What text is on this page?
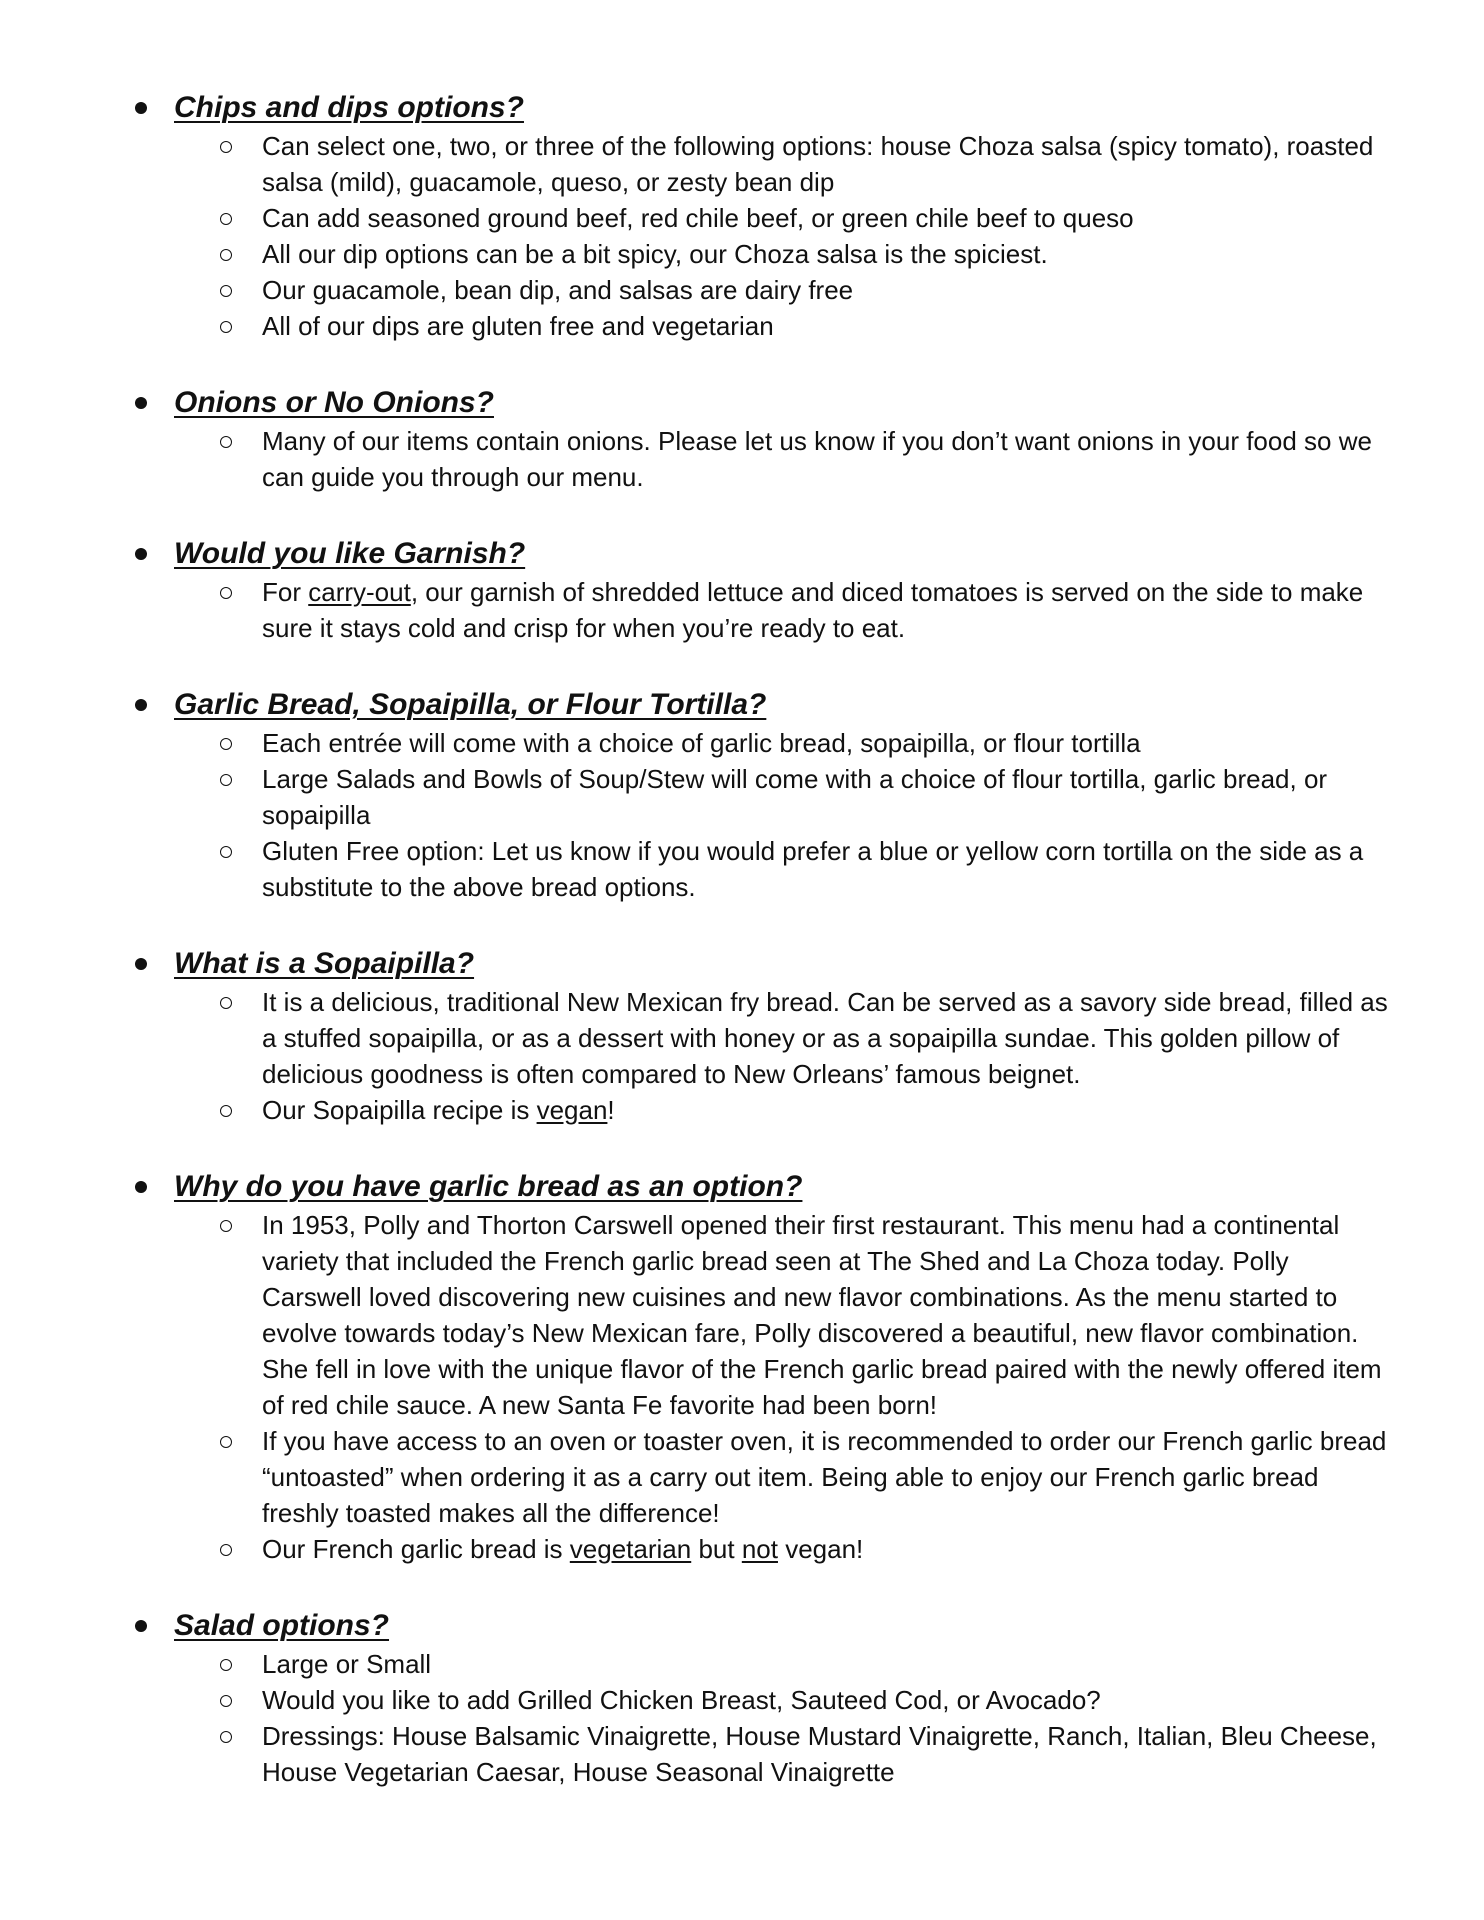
Chips and dips options?
Can select one, two, or three of the following options: house Choza salsa (spicy tomato), roasted salsa (mild), guacamole, queso, or zesty bean dip
Can add seasoned ground beef, red chile beef, or green chile beef to queso
All our dip options can be a bit spicy, our Choza salsa is the spiciest.
Our guacamole, bean dip, and salsas are dairy free
All of our dips are gluten free and vegetarian
Onions or No Onions?
Many of our items contain onions. Please let us know if you don’t want onions in your food so we can guide you through our menu.
Would you like Garnish?
For carry-out, our garnish of shredded lettuce and diced tomatoes is served on the side to make sure it stays cold and crisp for when you’re ready to eat.
Garlic Bread, Sopaipilla, or Flour Tortilla?
Each entrée will come with a choice of garlic bread, sopaipilla, or flour tortilla
Large Salads and Bowls of Soup/Stew will come with a choice of flour tortilla, garlic bread, or sopaipilla
Gluten Free option: Let us know if you would prefer a blue or yellow corn tortilla on the side as a substitute to the above bread options.
What is a Sopaipilla?
It is a delicious, traditional New Mexican fry bread. Can be served as a savory side bread, filled as a stuffed sopaipilla, or as a dessert with honey or as a sopaipilla sundae. This golden pillow of delicious goodness is often compared to New Orleans’ famous beignet.
Our Sopaipilla recipe is vegan!
Why do you have garlic bread as an option?
In 1953, Polly and Thorton Carswell opened their first restaurant. This menu had a continental variety that included the French garlic bread seen at The Shed and La Choza today. Polly Carswell loved discovering new cuisines and new flavor combinations. As the menu started to evolve towards today’s New Mexican fare, Polly discovered a beautiful, new flavor combination. She fell in love with the unique flavor of the French garlic bread paired with the newly offered item of red chile sauce. A new Santa Fe favorite had been born!
If you have access to an oven or toaster oven, it is recommended to order our French garlic bread “untoasted” when ordering it as a carry out item. Being able to enjoy our French garlic bread freshly toasted makes all the difference!
Our French garlic bread is vegetarian but not vegan!
Salad options?
Large or Small
Would you like to add Grilled Chicken Breast, Sauteed Cod, or Avocado?
Dressings: House Balsamic Vinaigrette, House Mustard Vinaigrette, Ranch, Italian, Bleu Cheese, House Vegetarian Caesar, House Seasonal Vinaigrette
